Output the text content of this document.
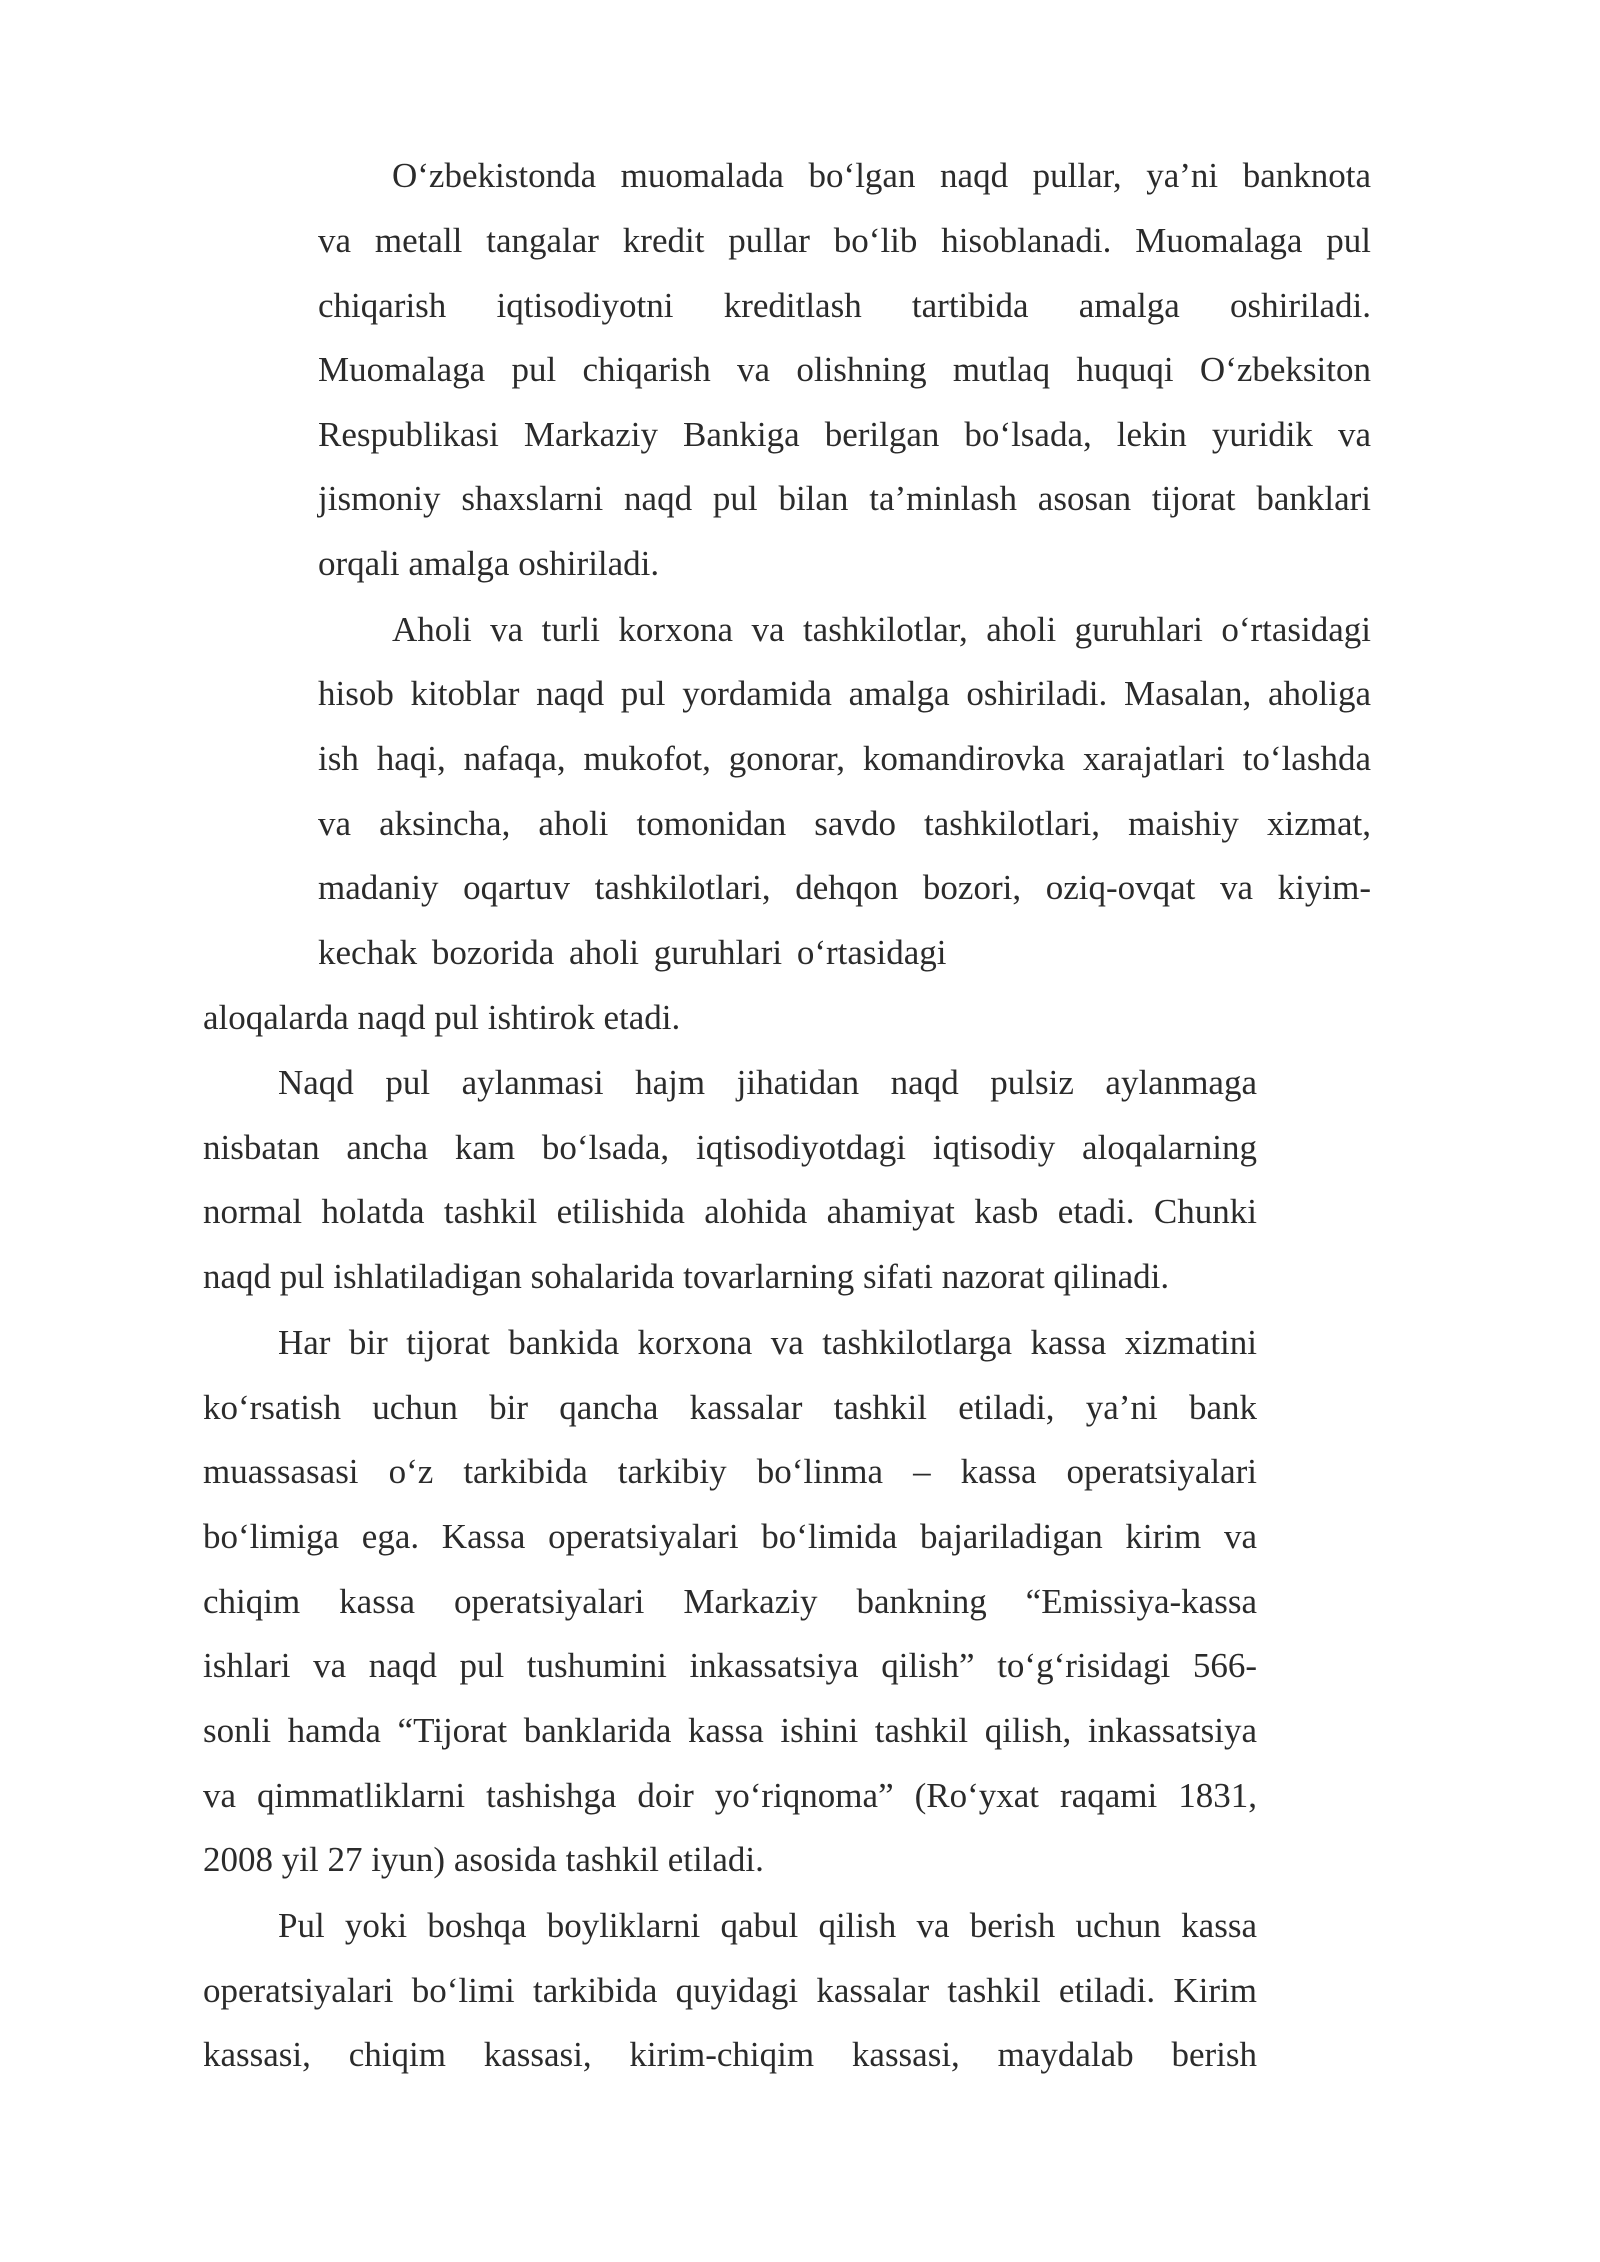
O‘zbekistonda muomalada bo‘lgan naqd pullar, ya’ni banknota
va metall tangalar kredit pullar bo‘lib hisoblanadi. Muomalaga pul
chiqarish iqtisodiyotni kreditlash tartibida amalga oshiriladi.
Muomalaga pul chiqarish va olishning mutlaq huquqi O‘zbeksiton
Respublikasi Markaziy Bankiga berilgan bo‘lsada, lekin yuridik va
jismoniy shaxslarni naqd pul bilan ta’minlash asosan tijorat banklari
orqali amalga oshiriladi.
Aholi va turli korxona va tashkilotlar, aholi guruhlari o‘rtasidagi
hisob kitoblar naqd pul yordamida amalga oshiriladi. Masalan, aholiga
ish haqi, nafaqa, mukofot, gonorar, komandirovka xarajatlari to‘lashda
va aksincha, aholi tomonidan savdo tashkilotlari, maishiy xizmat,
madaniy oqartuv tashkilotlari, dehqon bozori, oziq-ovqat va kiyim-
kechak bozorida aholi guruhlari o‘rtasidagi
aloqalarda naqd pul ishtirok etadi.
Naqd pul aylanmasi hajm jihatidan naqd pulsiz aylanmaga
nisbatan ancha kam bo‘lsada, iqtisodiyotdagi iqtisodiy aloqalarning
normal holatda tashkil etilishida alohida ahamiyat kasb etadi. Chunki
naqd pul ishlatiladigan sohalarida tovarlarning sifati nazorat qilinadi.
Har bir tijorat bankida korxona va tashkilotlarga kassa xizmatini
ko‘rsatish uchun bir qancha kassalar tashkil etiladi, ya’ni bank
muassasasi o‘z tarkibida tarkibiy bo‘linma – kassa operatsiyalari
bo‘limiga ega. Kassa operatsiyalari bo‘limida bajariladigan kirim va
chiqim kassa operatsiyalari Markaziy bankning “Emissiya-kassa
ishlari va naqd pul tushumini inkassatsiya qilish” to‘g‘risidagi 566-
sonli hamda “Tijorat banklarida kassa ishini tashkil qilish, inkassatsiya
va qimmatliklarni tashishga doir yo‘riqnoma” (Ro‘yxat raqami 1831,
2008 yil 27 iyun) asosida tashkil etiladi.
Pul yoki boshqa boyliklarni qabul qilish va berish uchun kassa
operatsiyalari bo‘limi tarkibida quyidagi kassalar tashkil etiladi. Kirim
kassasi, chiqim kassasi, kirim-chiqim kassasi, maydalab berish
